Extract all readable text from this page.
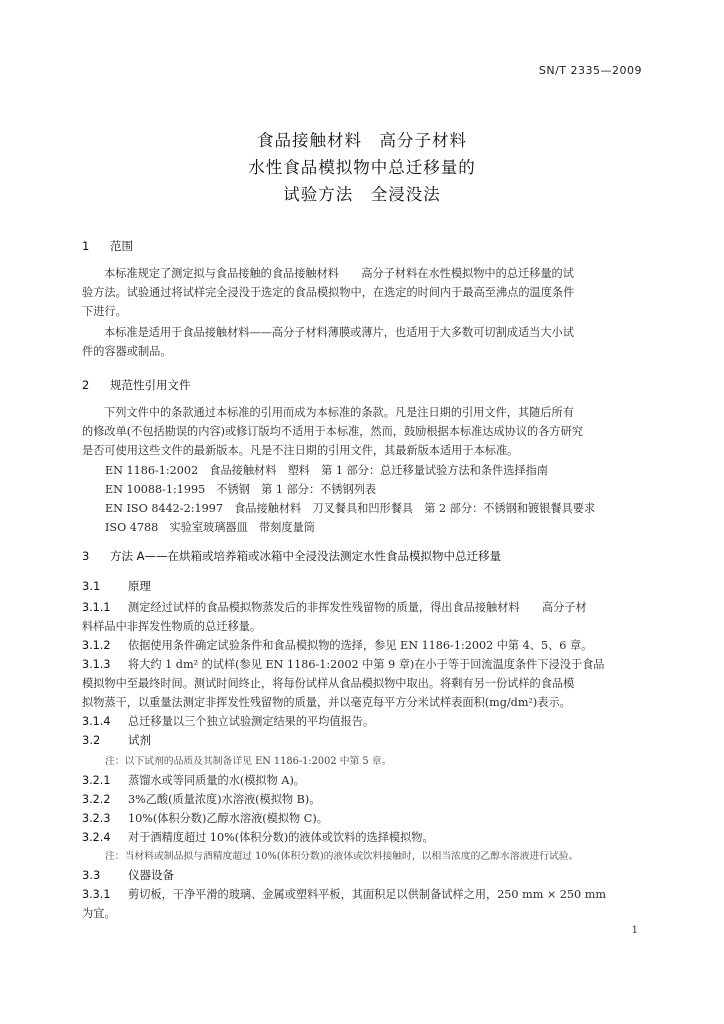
SN/T 2335—2009
食品接触材料　高分子材料
水性食品模拟物中总迁移量的
试验方法　全浸没法
1 范围
本标准规定了测定拟与食品接触的食品接触材料　　高分子材料在水性模拟物中的总迁移量的试
验方法。试验通过将试样完全浸没于选定的食品模拟物中，在选定的时间内于最高至沸点的温度条件
下进行。
本标准是适用于食品接触材料——高分子材料薄膜或薄片，也适用于大多数可切割成适当大小试
件的容器或制品。
2 规范性引用文件
下列文件中的条款通过本标准的引用而成为本标准的条款。凡是注日期的引用文件，其随后所有
的修改单(不包括勘误的内容)或修订版均不适用于本标准，然而，鼓励根据本标准达成协议的各方研究
是否可使用这些文件的最新版本。凡是不注日期的引用文件，其最新版本适用于本标准。
EN 1186-1:2002　食品接触材料　塑料　第 1 部分：总迁移量试验方法和条件选择指南
EN 10088-1:1995　不锈钢　第 1 部分：不锈钢列表
EN ISO 8442-2:1997　食品接触材料　刀叉餐具和凹形餐具　第 2 部分：不锈钢和镀银餐具要求
ISO 4788　实验室玻璃器皿　带刻度量筒
3 方法 A——在烘箱或培养箱或冰箱中全浸没法测定水性食品模拟物中总迁移量
3.1 原理
3.1.1 测定经过试样的食品模拟物蒸发后的非挥发性残留物的质量，得出食品接触材料　　高分子材
料样品中非挥发性物质的总迁移量。
3.1.2 依据使用条件确定试验条件和食品模拟物的选择，参见 EN 1186-1:2002 中第 4、5、6 章。
3.1.3 将大约 1 dm² 的试样(参见 EN 1186-1:2002 中第 9 章)在小于等于回流温度条件下浸没于食品
模拟物中至最终时间。测试时间终止，将每份试样从食品模拟物中取出。将剩有另一份试样的食品模
拟物蒸干，以重量法测定非挥发性残留物的质量，并以毫克每平方分米试样表面积(mg/dm²)表示。
3.1.4 总迁移量以三个独立试验测定结果的平均值报告。
3.2 试剂
注：以下试剂的品质及其制备详见 EN 1186-1:2002 中第 5 章。
3.2.1 蒸馏水或等同质量的水(模拟物 A)。
3.2.2 3%乙酸(质量浓度)水溶液(模拟物 B)。
3.2.3 10%(体积分数)乙醇水溶液(模拟物 C)。
3.2.4 对于酒精度超过 10%(体积分数)的液体或饮料的选择模拟物。
注：当材料或制品拟与酒精度超过 10%(体积分数)的液体或饮料接触时，以相当浓度的乙醇水溶液进行试验。
3.3 仪器设备
3.3.1 剪切板，干净平滑的玻璃、金属或塑料平板，其面积足以供制备试样之用，250 mm × 250 mm
为宜。
1
